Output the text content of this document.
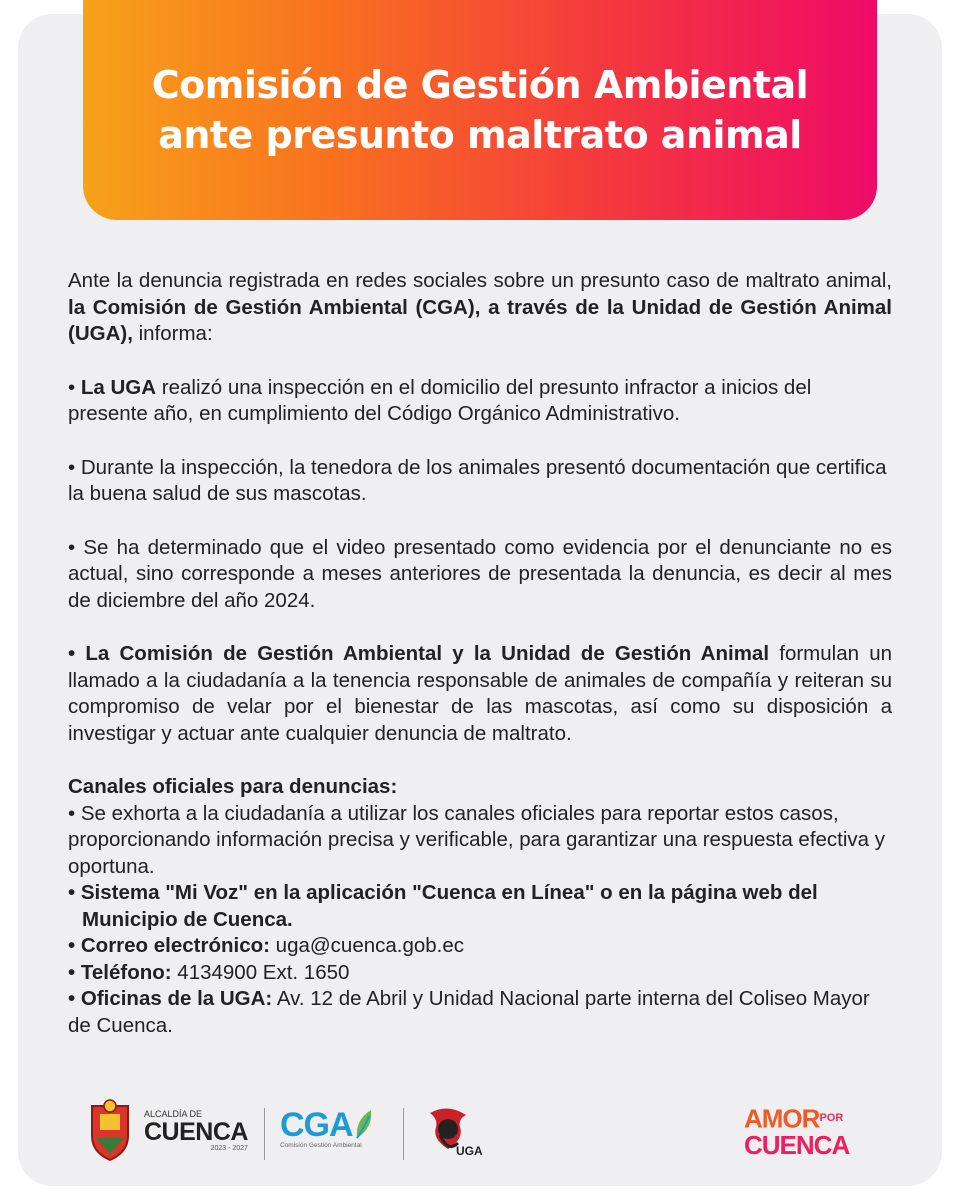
Comisión de Gestión Ambiental
ante presunto maltrato animal

Ante la denuncia registrada en redes sociales sobre un presunto caso de maltrato animal, la Comisión de Gestión Ambiental (CGA), a través de la Unidad de Gestión Animal (UGA), informa:

• La UGA realizó una inspección en el domicilio del presunto infractor a inicios del presente año, en cumplimiento del Código Orgánico Administrativo.

• Durante la inspección, la tenedora de los animales presentó documentación que certifica la buena salud de sus mascotas.

• Se ha determinado que el video presentado como evidencia por el denunciante no es actual, sino corresponde a meses anteriores de presentada la denuncia, es decir al mes de diciembre del año 2024.

• La Comisión de Gestión Ambiental y la Unidad de Gestión Animal formulan un llamado a la ciudadanía a la tenencia responsable de animales de compañía y reiteran su compromiso de velar por el bienestar de las mascotas, así como su disposición a investigar y actuar ante cualquier denuncia de maltrato.

Canales oficiales para denuncias:

• Se exhorta a la ciudadanía a utilizar los canales oficiales para reportar estos casos, proporcionando información precisa y verificable, para garantizar una respuesta efectiva y oportuna.

• Sistema "Mi Voz" en la aplicación "Cuenca en Línea" o en la página web del Municipio de Cuenca.

• Correo electrónico: uga@cuenca.gob.ec

• Teléfono: 4134900 Ext. 1650

• Oficinas de la UGA: Av. 12 de Abril y Unidad Nacional parte interna del Coliseo Mayor de Cuenca.

ALCALDÍA DE
CUENCA
2023 - 2027
CGA
Comisión Gestión Ambiental	UGA
$AMOR^{POR}$
CUENCA
